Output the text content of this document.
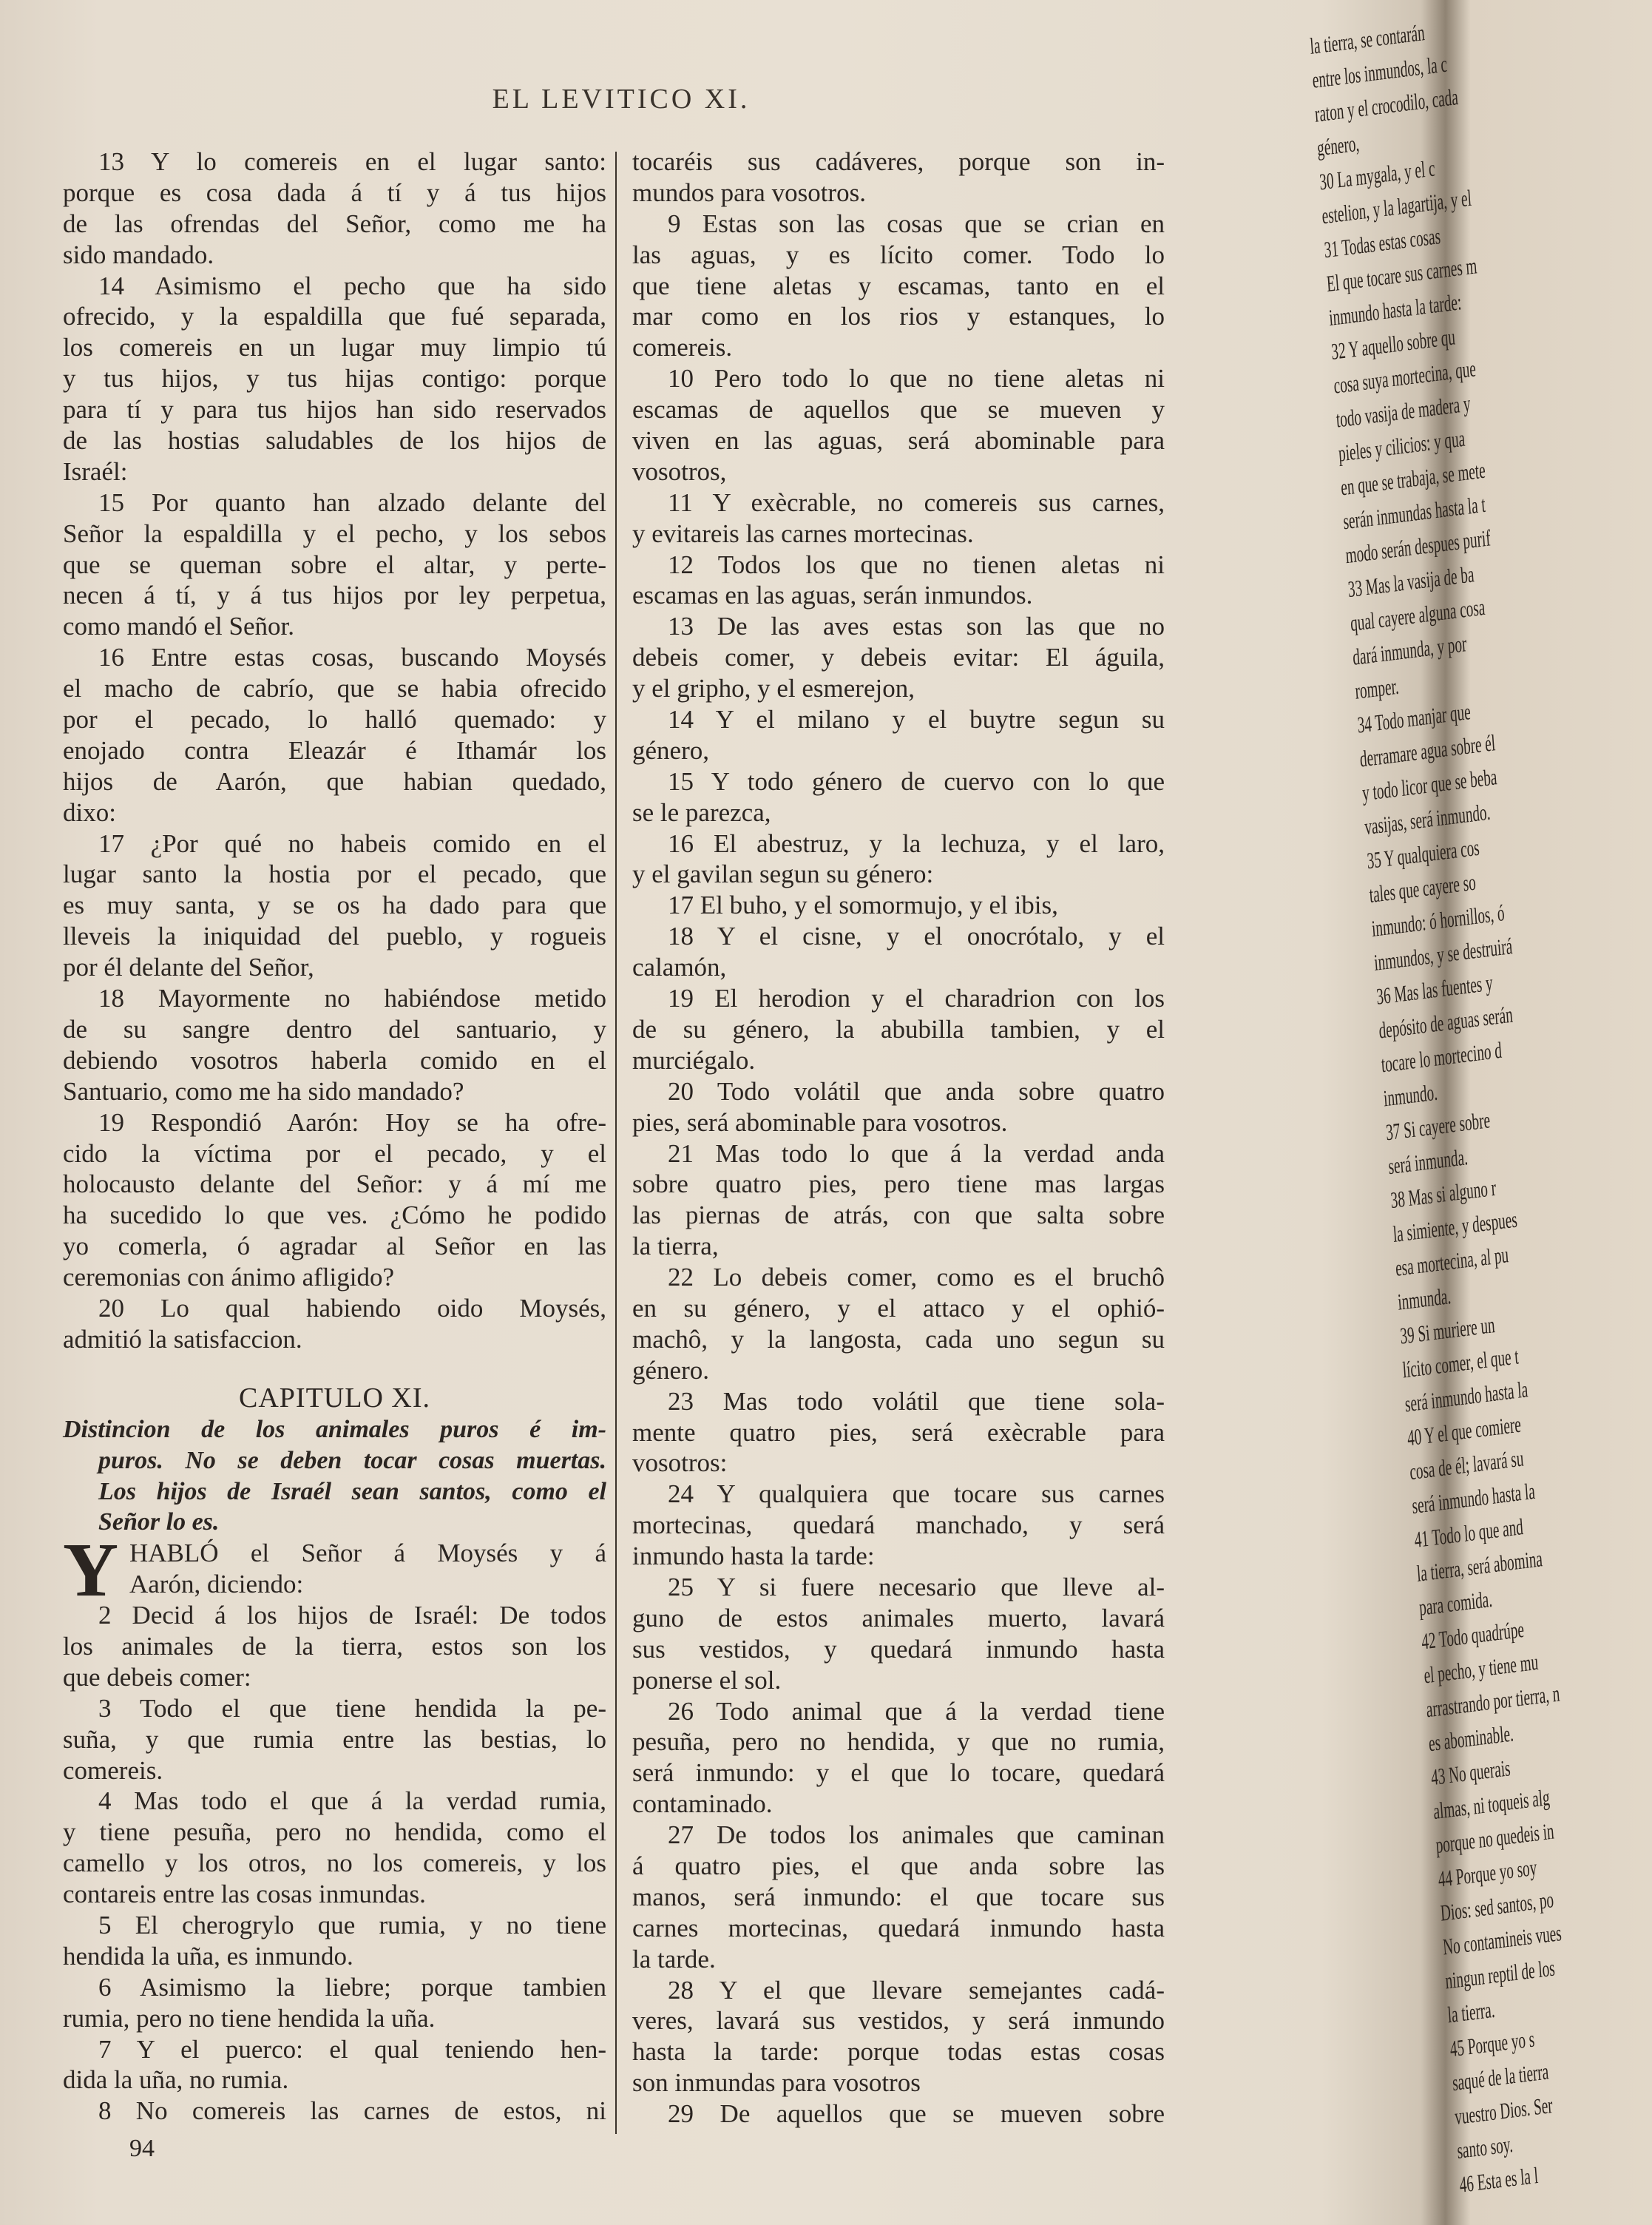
EL LEVITICO XI.
13 Y lo comereis en el lugar santo:
porque es cosa dada á tí y á tus hijos
de las ofrendas del Señor, como me ha
sido mandado.
14 Asimismo el pecho que ha sido
ofrecido, y la espaldilla que fué separada,
los comereis en un lugar muy limpio tú
y tus hijos, y tus hijas contigo: porque
para tí y para tus hijos han sido reservados
de las hostias saludables de los hijos de
Israél:
15 Por quanto han alzado delante del
Señor la espaldilla y el pecho, y los sebos
que se queman sobre el altar, y perte-
necen á tí, y á tus hijos por ley perpetua,
como mandó el Señor.
16 Entre estas cosas, buscando Moysés
el macho de cabrío, que se habia ofrecido
por el pecado, lo halló quemado: y
enojado contra Eleazár é Ithamár los
hijos de Aarón, que habian quedado,
dixo:
17 ¿Por qué no habeis comido en el
lugar santo la hostia por el pecado, que
es muy santa, y se os ha dado para que
lleveis la iniquidad del pueblo, y rogueis
por él delante del Señor,
18 Mayormente no habiéndose metido
de su sangre dentro del santuario, y
debiendo vosotros haberla comido en el
Santuario, como me ha sido mandado?
19 Respondió Aarón: Hoy se ha ofre-
cido la víctima por el pecado, y el
holocausto delante del Señor: y á mí me
ha sucedido lo que ves. ¿Cómo he podido
yo comerla, ó agradar al Señor en las
ceremonias con ánimo afligido?
20 Lo qual habiendo oido Moysés,
admitió la satisfaccion.
CAPITULO XI.
Distincion de los animales puros é im-
puros. No se deben tocar cosas muertas.
Los hijos de Israél sean santos, como el
Señor lo es.
Y HABLÓ el Señor á Moysés y á
Aarón, diciendo:
2 Decid á los hijos de Israél: De todos
los animales de la tierra, estos son los
que debeis comer:
3 Todo el que tiene hendida la pe-
suña, y que rumia entre las bestias, lo
comereis.
4 Mas todo el que á la verdad rumia,
y tiene pesuña, pero no hendida, como el
camello y los otros, no los comereis, y los
contareis entre las cosas inmundas.
5 El cherogrylo que rumia, y no tiene
hendida la uña, es inmundo.
6 Asimismo la liebre; porque tambien
rumia, pero no tiene hendida la uña.
7 Y el puerco: el qual teniendo hen-
dida la uña, no rumia.
8 No comereis las carnes de estos, ni
94
tocaréis sus cadáveres, porque son in-
mundos para vosotros.
9 Estas son las cosas que se crian en
las aguas, y es lícito comer. Todo lo
que tiene aletas y escamas, tanto en el
mar como en los rios y estanques, lo
comereis.
10 Pero todo lo que no tiene aletas ni
escamas de aquellos que se mueven y
viven en las aguas, será abominable para
vosotros,
11 Y exècrable, no comereis sus carnes,
y evitareis las carnes mortecinas.
12 Todos los que no tienen aletas ni
escamas en las aguas, serán inmundos.
13 De las aves estas son las que no
debeis comer, y debeis evitar: El águila,
y el gripho, y el esmerejon,
14 Y el milano y el buytre segun su
género,
15 Y todo género de cuervo con lo que
se le parezca,
16 El abestruz, y la lechuza, y el laro,
y el gavilan segun su género:
17 El buho, y el somormujo, y el ibis,
18 Y el cisne, y el onocrótalo, y el
calamón,
19 El herodion y el charadrion con los
de su género, la abubilla tambien, y el
murciégalo.
20 Todo volátil que anda sobre quatro
pies, será abominable para vosotros.
21 Mas todo lo que á la verdad anda
sobre quatro pies, pero tiene mas largas
las piernas de atrás, con que salta sobre
la tierra,
22 Lo debeis comer, como es el bruchô
en su género, y el attaco y el ophió-
machô, y la langosta, cada uno segun su
género.
23 Mas todo volátil que tiene sola-
mente quatro pies, será exècrable para
vosotros:
24 Y qualquiera que tocare sus carnes
mortecinas, quedará manchado, y será
inmundo hasta la tarde:
25 Y si fuere necesario que lleve al-
guno de estos animales muerto, lavará
sus vestidos, y quedará inmundo hasta
ponerse el sol.
26 Todo animal que á la verdad tiene
pesuña, pero no hendida, y que no rumia,
será inmundo: y el que lo tocare, quedará
contaminado.
27 De todos los animales que caminan
á quatro pies, el que anda sobre las
manos, será inmundo: el que tocare sus
carnes mortecinas, quedará inmundo hasta
la tarde.
28 Y el que llevare semejantes cadá-
veres, lavará sus vestidos, y será inmundo
hasta la tarde: porque todas estas cosas
son inmundas para vosotros
29 De aquellos que se mueven sobre
la tierra, se contarán
entre los inmundos, la c
raton y el crocodilo, cada
género,
30 La mygala, y el c
estelion, y la lagartija, y el
31 Todas estas cosas
El que tocare sus carnes m
inmundo hasta la tarde:
32 Y aquello sobre qu
cosa suya mortecina, que
todo vasija de madera y
pieles y cilicios: y qua
en que se trabaja, se mete
serán inmundas hasta la t
modo serán despues purif
33 Mas la vasija de ba
qual cayere alguna cosa
dará inmunda, y por
romper.
34 Todo manjar que
derramare agua sobre él
y todo licor que se beba
vasijas, será inmundo.
35 Y qualquiera cos
tales que cayere so
inmundo: ó hornillos, ó
inmundos, y se destruirá
36 Mas las fuentes y
depósito de aguas serán
tocare lo mortecino d
inmundo.
37 Si cayere sobre
será inmunda.
38 Mas si alguno r
la simiente, y despues
esa mortecina, al pu
inmunda.
39 Si muriere un
lícito comer, el que t
será inmundo hasta la
40 Y el que comiere
cosa de él; lavará su
será inmundo hasta la
41 Todo lo que and
la tierra, será abomina
para comida.
42 Todo quadrúpe
el pecho, y tiene mu
arrastrando por tierra, n
es abominable.
43 No querais
almas, ni toqueis alg
porque no quedeis in
44 Porque yo soy
Dios: sed santos, po
No contamineis vues
ningun reptil de los
la tierra.
45 Porque yo s
saqué de la tierra
vuestro Dios. Ser
santo soy.
46 Esta es la l
